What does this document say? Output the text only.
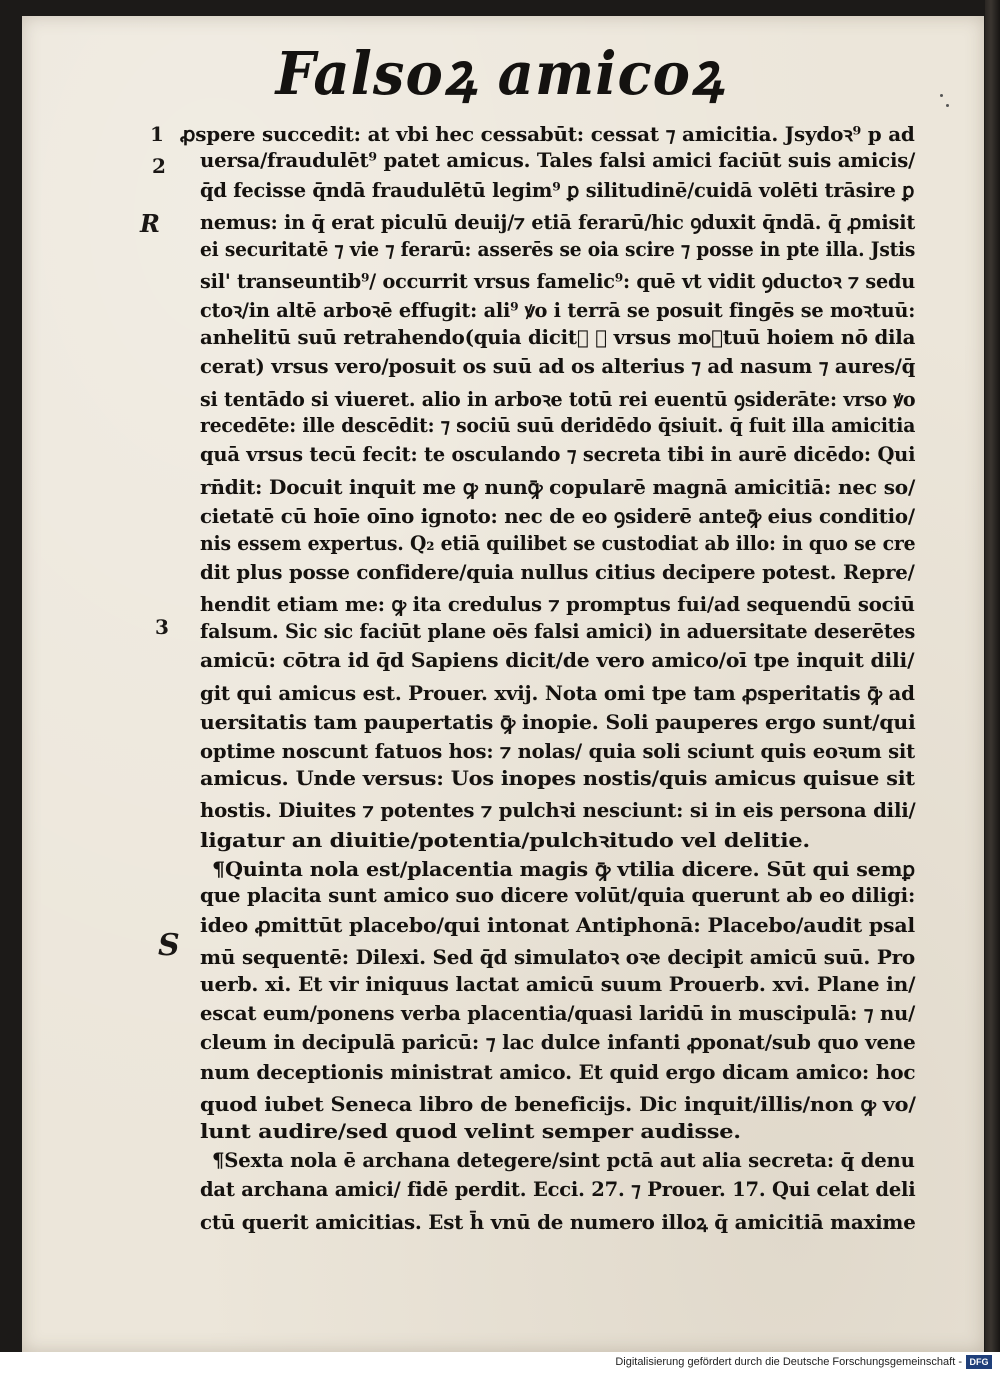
Falsoꝝ amicoꝝ
1
2
R
3
S
ꝓspere succedit: at vbi hec cessabūt: cessat ⁊ amicitia. Jsydoꝛ⁹ p ad
uersa/fraudulēt⁹ patet amicus. Tales falsi amici faciūt suis amicis/
q̄d fecisse q̄ndā fraudulētū legim⁹ ꝑ silitudinē/cuidā volēti trāsire ꝑ
nemus: in q̄ erat piculū deuij/⁊ etiā ferarū/hic ꝯduxit q̄ndā. q̄ ꝓmisit
ei securitatē ⁊ vie ⁊ ferarū: asserēs se oia scire ⁊ posse in pte illa. Jstis
sil' transeuntib⁹/ occurrit vrsus famelic⁹: quē vt vidit ꝯductoꝛ ⁊ sedu
ctoꝛ/in altē arboꝛē effugit: ali⁹ ꝟo i terrā se posuit fingēs se moꝛtuū:
anhelitū suū retrahendo(quia dicit᷑ ꝙ vrsus moꝛtuū hoiem nō dila
cerat) vrsus vero/posuit os suū ad os alterius ⁊ ad nasum ⁊ aures/q̄
si tentādo si viueret. alio in arboꝛe totū rei euentū ꝯsiderāte: vrso ꝟo
recedēte: ille descēdit: ⁊ sociū suū deridēdo q̄siuit. q̄ fuit illa amicitia
quā vrsus tecū fecit: te osculando ⁊ secreta tibi in aurē dicēdo: Qui
rn̄dit: Docuit inquit me ꝙ nunꝙ̄ copularē magnā amicitiā: nec so/
cietatē cū hoīe oīno ignoto: nec de eo ꝯsiderē anteꝙ̄ eius conditio/
nis essem expertus. Q₂ etiā quilibet se custodiat ab illo: in quo se cre
dit plus posse confidere/quia nullus citius decipere potest. Repre/
hendit etiam me: ꝙ ita credulus ⁊ promptus fui/ad sequendū sociū
falsum. Sic sic faciūt plane oēs falsi amici) in aduersitate deserētes
amicū: cōtra id q̄d Sapiens dicit/de vero amico/oī tpe inquit dili/
git qui amicus est. Prouer. xvij. Nota omi tpe tam ꝓsperitatis ꝙ̄ ad
uersitatis tam paupertatis ꝙ̄ inopie. Soli pauperes ergo sunt/qui
optime noscunt fatuos hos: ⁊ nolas/ quia soli sciunt quis eoꝛum sit
amicus. Unde versus: Uos inopes nostis/quis amicus quisue sit
hostis. Diuites ⁊ potentes ⁊ pulchꝛi nesciunt: si in eis persona dili/
ligatur an diuitie/potentia/pulchꝛitudo vel delitie.
¶Quinta nola est/placentia magis ꝙ̄ vtilia dicere. Sūt qui semꝑ
que placita sunt amico suo dicere volūt/quia querunt ab eo diligi:
ideo ꝓmittūt placebo/qui intonat Antiphonā: Placebo/audit psal
mū sequentē: Dilexi. Sed q̄d simulatoꝛ oꝛe decipit amicū suū. Pro
uerb. xi. Et vir iniquus lactat amicū suum Prouerb. xvi. Plane in/
escat eum/ponens verba placentia/quasi laridū in muscipulā: ⁊ nu/
cleum in decipulā paricū: ⁊ lac dulce infanti ꝓponat/sub quo vene
num deceptionis ministrat amico. Et quid ergo dicam amico: hoc
quod iubet Seneca libro de beneficijs. Dic inquit/illis/non ꝙ vo/
lunt audire/sed quod velint semper audisse.
¶Sexta nola ē archana detegere/sint pctā aut alia secreta: q̄ denu
dat archana amici/ fidē perdit. Ecci. 27. ⁊ Prouer. 17. Qui celat deli
ctū querit amicitias. Est h̄ vnū de numero illoꝝ q̄ amicitiā maxime
Digitalisierung gefördert durch die Deutsche Forschungsgemeinschaft - DFG
